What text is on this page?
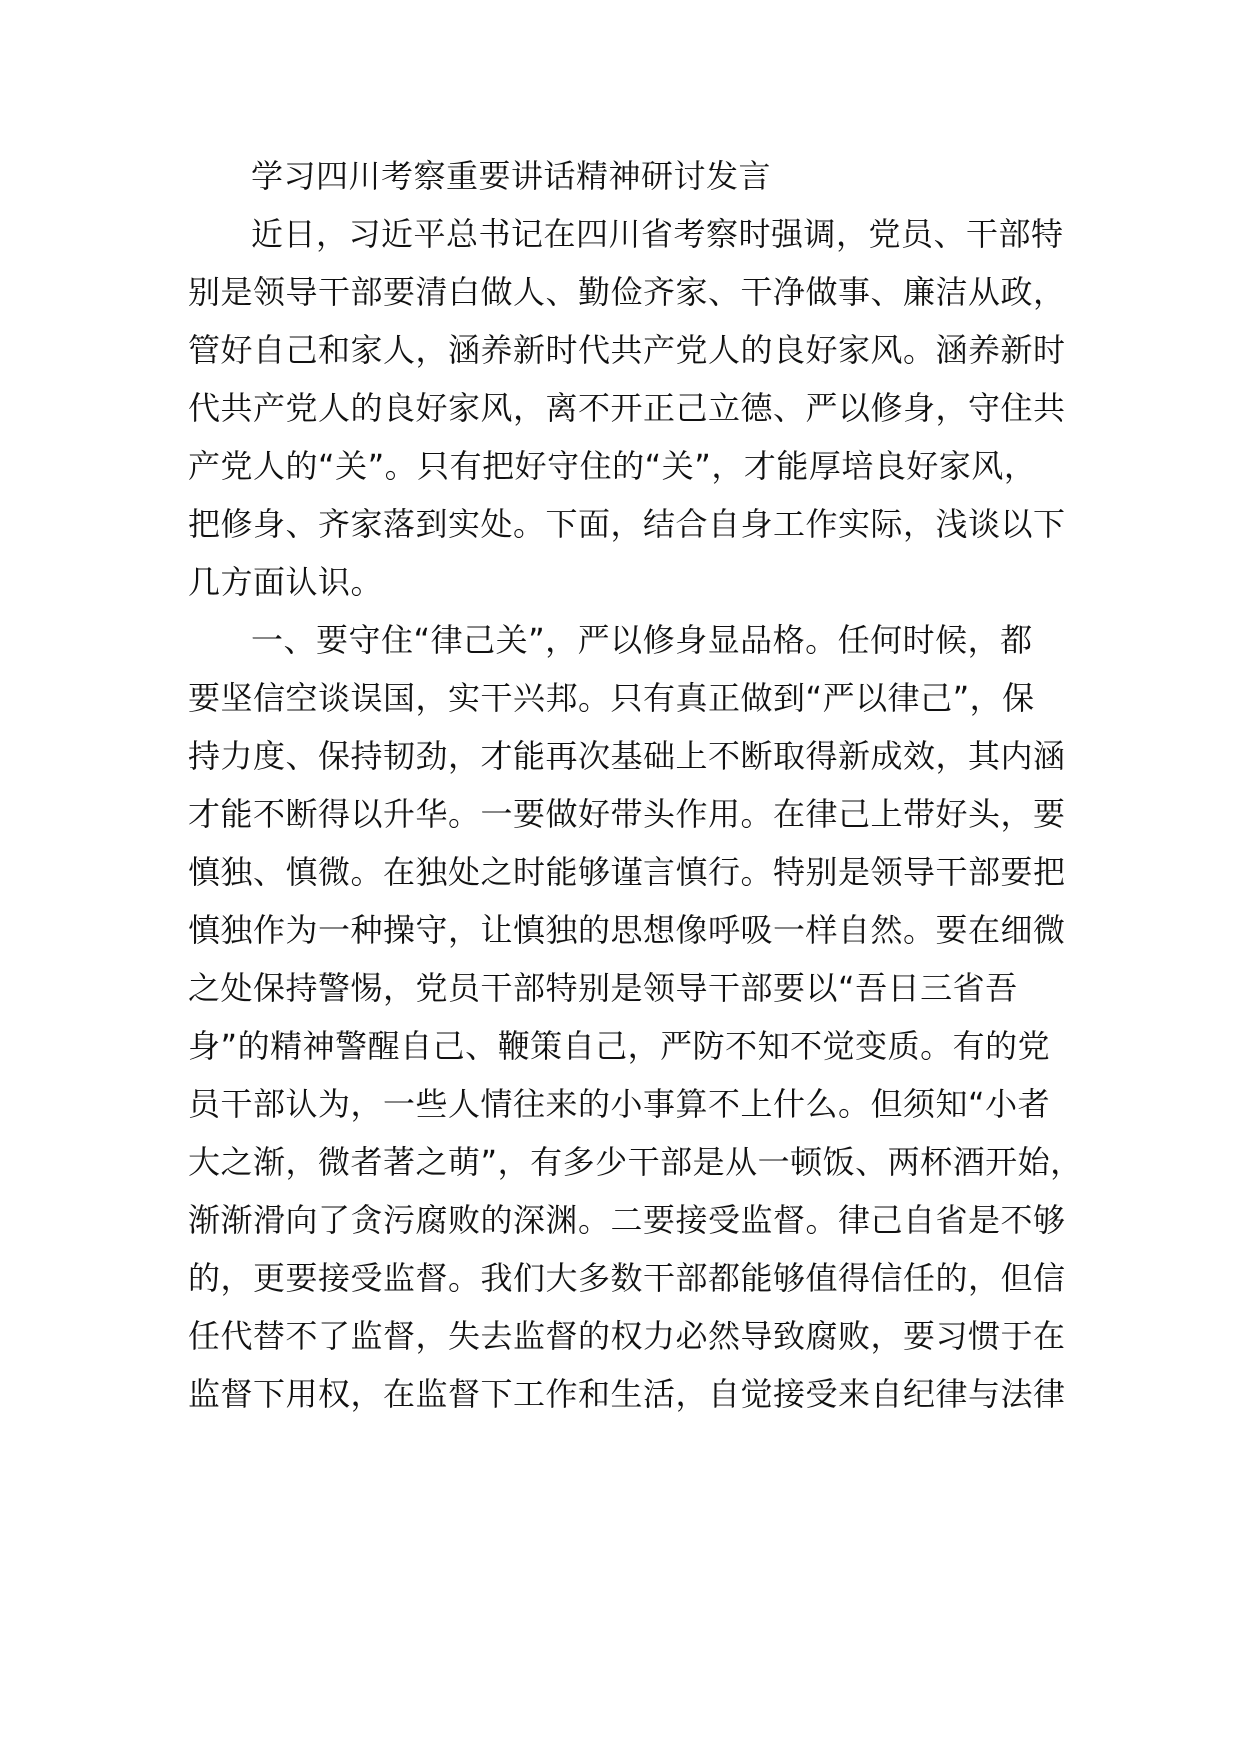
学习四川考察重要讲话精神研讨发言
近日，习近平总书记在四川省考察时强调，党员、干部特
别是领导干部要清白做人、勤俭齐家、干净做事、廉洁从政，
管好自己和家人，涵养新时代共产党人的良好家风。涵养新时
代共产党人的良好家风，离不开正己立德、严以修身，守住共
产党人的“关”。只有把好守住的“关”，才能厚培良好家风，
把修身、齐家落到实处。下面，结合自身工作实际，浅谈以下
几方面认识。
一、要守住“律己关”，严以修身显品格。任何时候，都
要坚信空谈误国，实干兴邦。只有真正做到“严以律己”，保
持力度、保持韧劲，才能再次基础上不断取得新成效，其内涵
才能不断得以升华。一要做好带头作用。在律己上带好头，要
慎独、慎微。在独处之时能够谨言慎行。特别是领导干部要把
慎独作为一种操守，让慎独的思想像呼吸一样自然。要在细微
之处保持警惕，党员干部特别是领导干部要以“吾日三省吾
身”的精神警醒自己、鞭策自己，严防不知不觉变质。有的党
员干部认为，一些人情往来的小事算不上什么。但须知“小者
大之渐，微者著之萌”，有多少干部是从一顿饭、两杯酒开始，
渐渐滑向了贪污腐败的深渊。二要接受监督。律己自省是不够
的，更要接受监督。我们大多数干部都能够值得信任的，但信
任代替不了监督，失去监督的权力必然导致腐败，要习惯于在
监督下用权，在监督下工作和生活，自觉接受来自纪律与法律
